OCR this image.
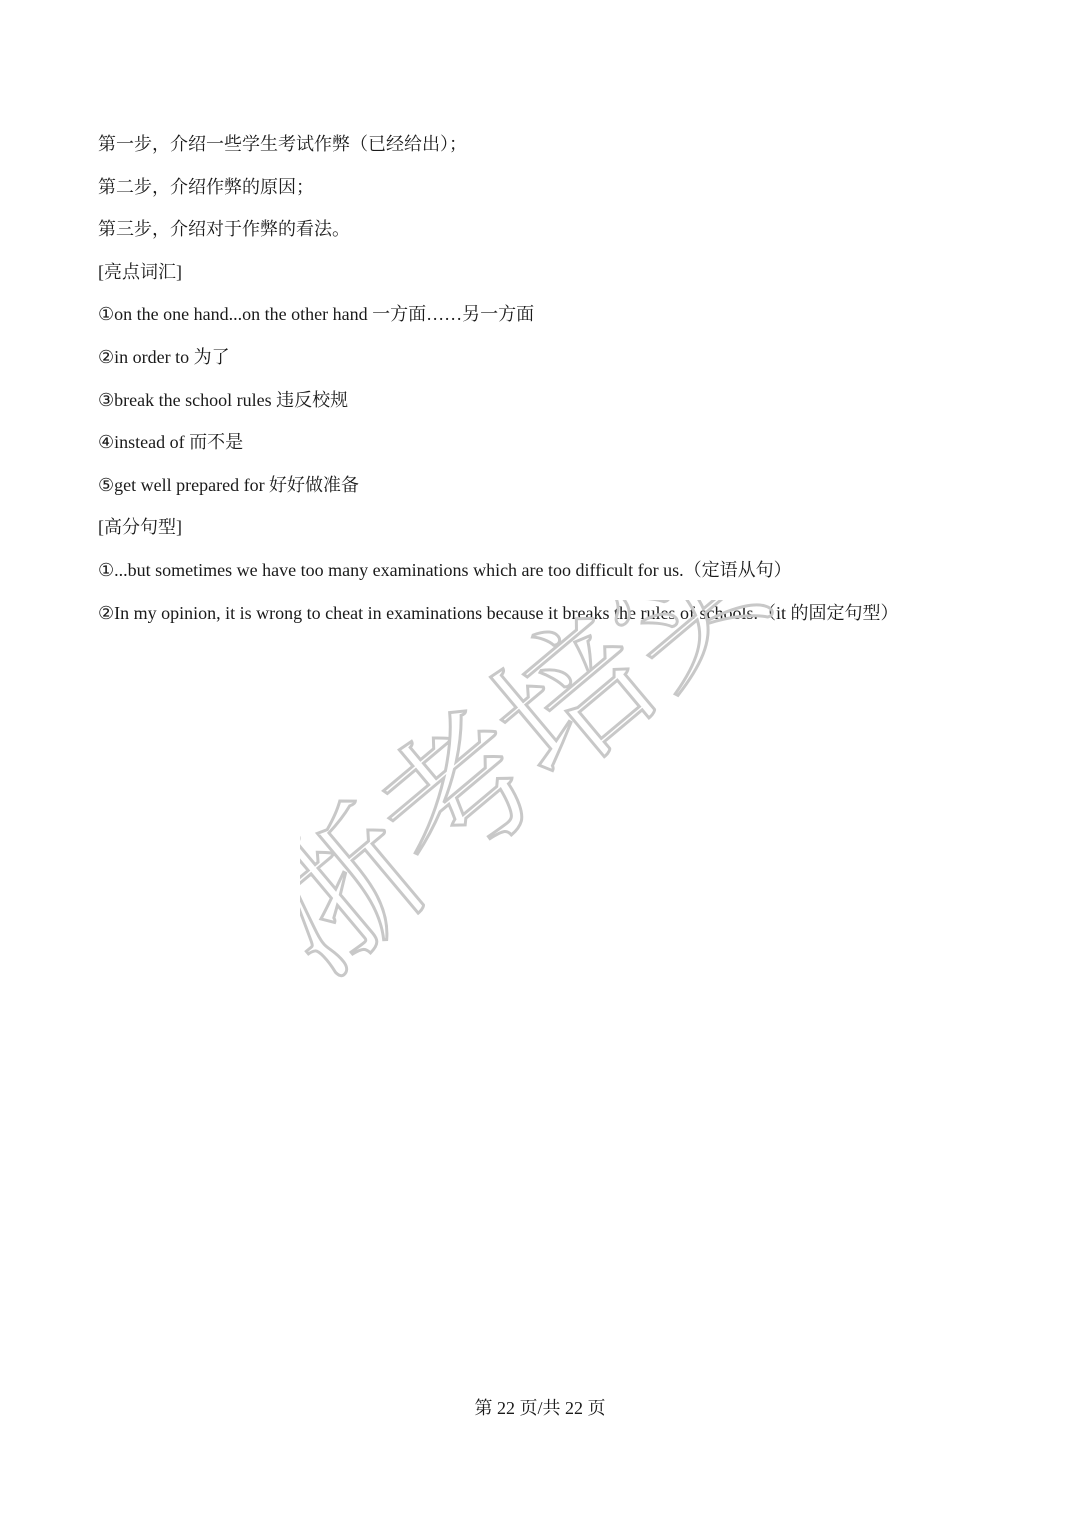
第一步，介绍一些学生考试作弊（已经给出）；
第二步，介绍作弊的原因；
第三步，介绍对于作弊的看法。
[亮点词汇]
①on the one hand...on the other hand 一方面……另一方面
②in order to 为了
③break the school rules 违反校规
④instead of 而不是
⑤get well prepared for 好好做准备
[高分句型]
①...but sometimes we have too many examinations which are too difficult for us.（定语从句）
②In my opinion, it is wrong to cheat in examinations because it breaks the rules of schools.（it 的固定句型）
浙考培实
第 22 页/共 22 页
